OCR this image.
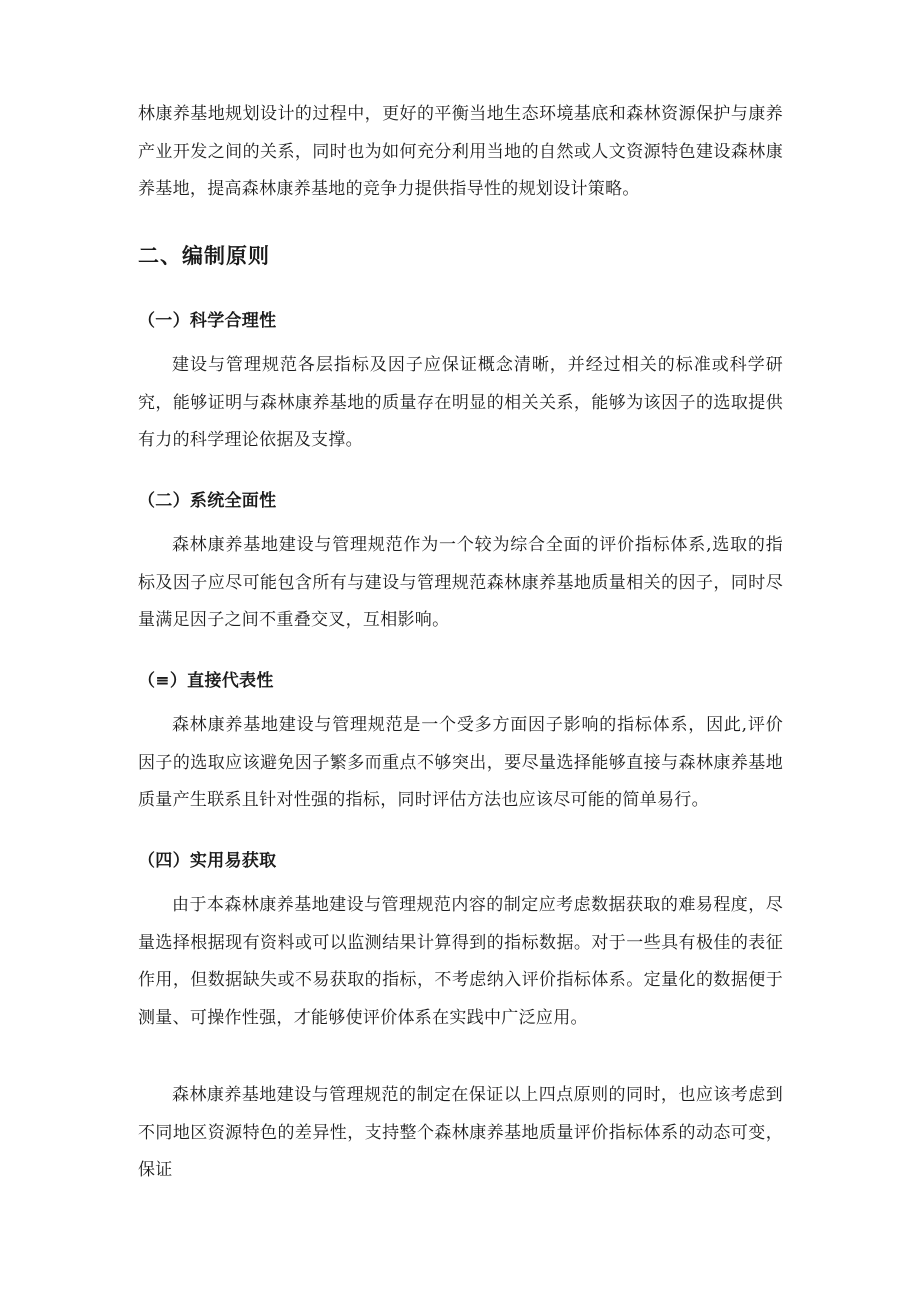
林康养基地规划设计的过程中，更好的平衡当地生态环境基底和森林资源保护与康养产业开发之间的关系，同时也为如何充分利用当地的自然或人文资源特色建设森林康养基地，提高森林康养基地的竞争力提供指导性的规划设计策略。

二、编制原则
（一）科学合理性

建设与管理规范各层指标及因子应保证概念清晰，并经过相关的标准或科学研究，能够证明与森林康养基地的质量存在明显的相关关系，能够为该因子的选取提供有力的科学理论依据及支撑。

（二）系统全面性

森林康养基地建设与管理规范作为一个较为综合全面的评价指标体系,选取的指标及因子应尽可能包含所有与建设与管理规范森林康养基地质量相关的因子，同时尽量满足因子之间不重叠交叉，互相影响。

（≡）直接代表性

森林康养基地建设与管理规范是一个受多方面因子影响的指标体系，因此,评价因子的选取应该避免因子繁多而重点不够突出，要尽量选择能够直接与森林康养基地质量产生联系且针对性强的指标，同时评估方法也应该尽可能的简单易行。

（四）实用易获取

由于本森林康养基地建设与管理规范内容的制定应考虑数据获取的难易程度，尽量选择根据现有资料或可以监测结果计算得到的指标数据。对于一些具有极佳的表征作用，但数据缺失或不易获取的指标，不考虑纳入评价指标体系。定量化的数据便于测量、可操作性强，才能够使评价体系在实践中广泛应用。

森林康养基地建设与管理规范的制定在保证以上四点原则的同时，也应该考虑到不同地区资源特色的差异性，支持整个森林康养基地质量评价指标体系的动态可变，保证
